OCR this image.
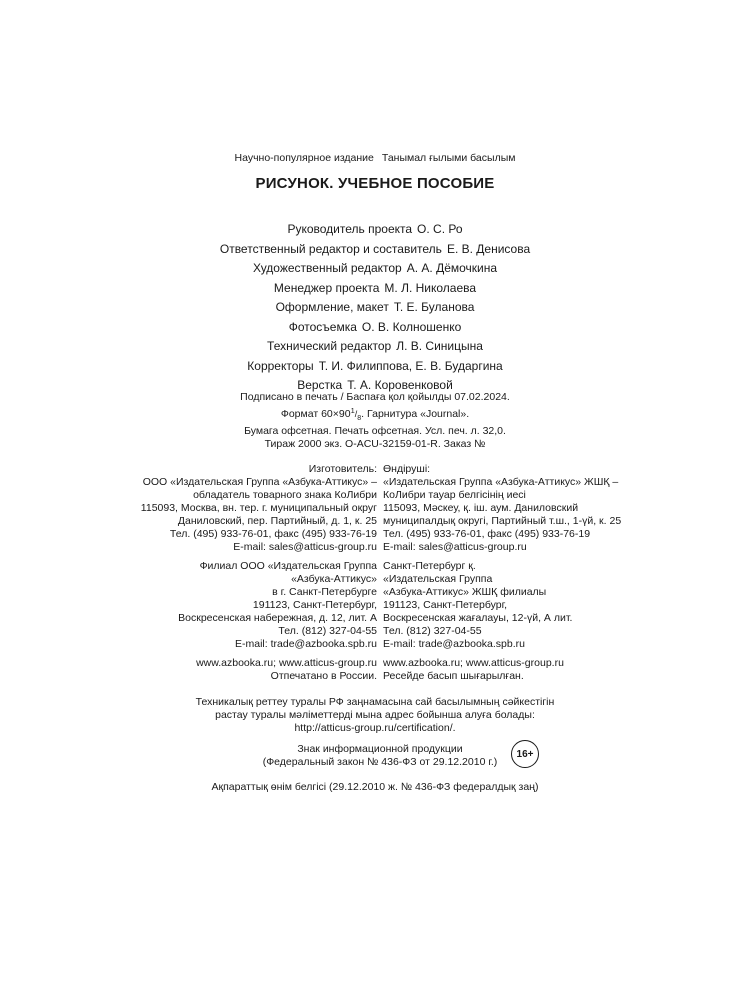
Научно-популярное издание Танымал ғылыми басылым
РИСУНОК. УЧЕБНОЕ ПОСОБИЕ
Руководитель проекта О. С. Ро
Ответственный редактор и составитель Е. В. Денисова
Художественный редактор А. А. Дёмочкина
Менеджер проекта М. Л. Николаева
Оформление, макет Т. Е. Буланова
Фотосъемка О. В. Колношенко
Технический редактор Л. В. Синицына
Корректоры Т. И. Филиппова, Е. В. Бударгина
Верстка Т. А. Коровенковой
Подписано в печать / Баспаға қол қойылды 07.02.2024.
Формат $60\times 90^1/_8$. Гарнитура «Journal».
Бумага офсетная. Печать офсетная. Усл. печ. л. 32,0.
Тираж 2000 экз. O-ACU-32159-01-R. Заказ №
Изготовитель:
ООО «Издательская Группа «Азбука-Аттикус» –
обладатель товарного знака КоЛибри
115093, Москва, вн. тер. г. муниципальный округ
Даниловский, пер. Партийный, д. 1, к. 25
Тел. (495) 933-76-01, факс (495) 933-76-19
E-mail: sales@atticus-group.ru
Өндіруші:
«Издательская Группа «Азбука-Аттикус» ЖШҚ –
КоЛибри тауар белгісінің иесі
115093, Мәскеу, қ. іш. аум. Даниловский
муниципалдық округі, Партийный т.ш., 1-үй, к. 25
Тел. (495) 933-76-01, факс (495) 933-76-19
E-mail: sales@atticus-group.ru
Филиал ООО «Издательская Группа
«Азбука-Аттикус»
в г. Санкт-Петербурге
191123, Санкт-Петербург,
Воскресенская набережная, д. 12, лит. А
Тел. (812) 327-04-55
E-mail: trade@azbooka.spb.ru
Санкт-Петербург қ.
«Издательская Группа
«Азбука-Аттикус» ЖШҚ филиалы
191123, Санкт-Петербург,
Воскресенская жағалауы, 12-үй, А лит.
Тел. (812) 327-04-55
E-mail: trade@azbooka.spb.ru
www.azbooka.ru; www.atticus-group.ru
Отпечатано в России.
www.azbooka.ru; www.atticus-group.ru
Ресейде басып шығарылған.
Техникалық реттеу туралы РФ заңнамасына сай басылымның сәйкестігін
растау туралы мәліметтерді мына адрес бойынша алуға болады:
http://atticus-group.ru/certification/.
Знак информационной продукции
(Федеральный закон № 436-ФЗ от 29.12.2010 г.)
16+
Ақпараттық өнім белгісі (29.12.2010 ж. № 436-ФЗ федералдық заң)
